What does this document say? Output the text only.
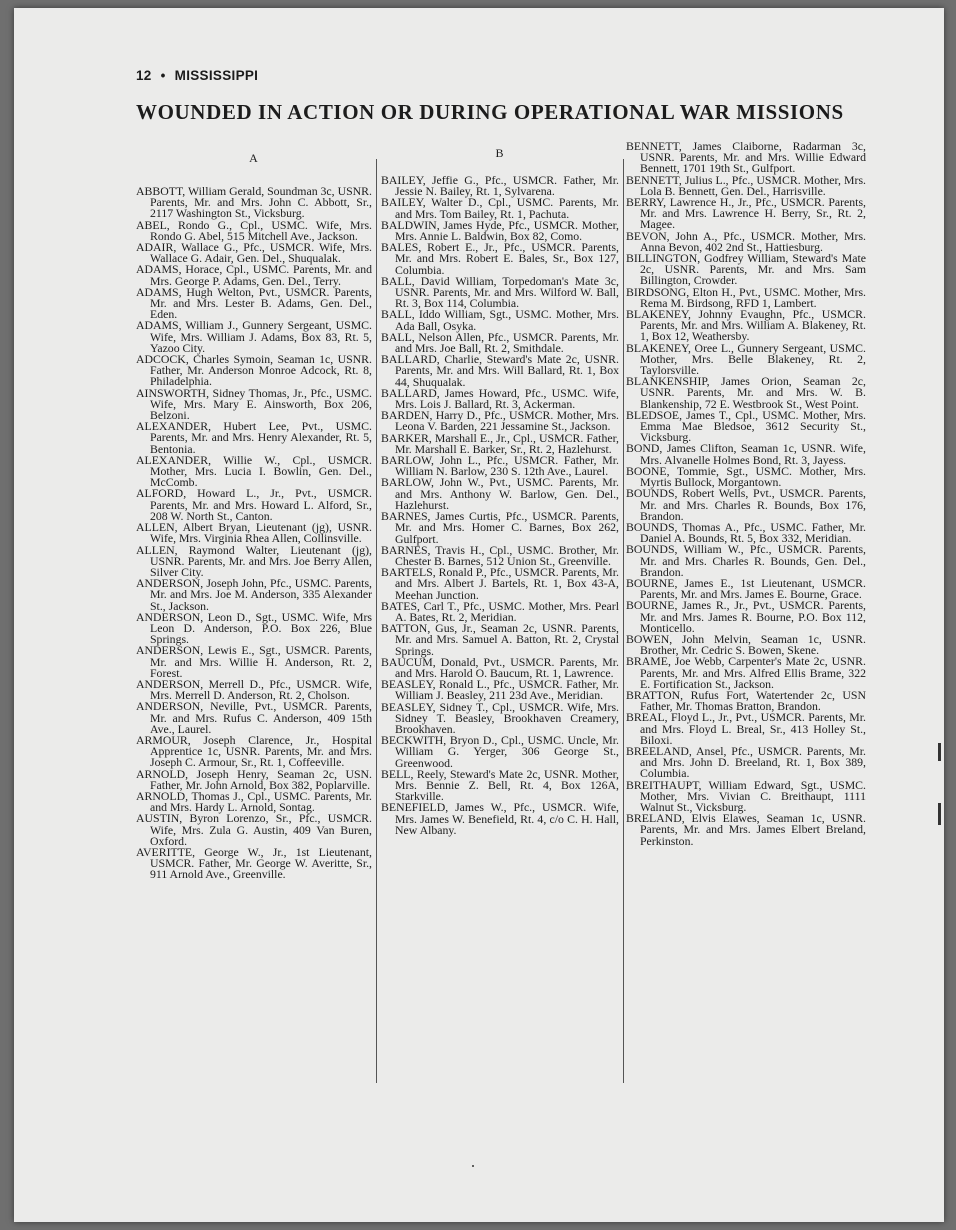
12 • MISSISSIPPI
WOUNDED IN ACTION OR DURING OPERATIONAL WAR MISSIONS
A

ABBOTT, William Gerald, Soundman 3c, USNR. Parents, Mr. and Mrs. John C. Abbott, Sr., 2117 Washington St., Vicksburg.

ABEL, Rondo G., Cpl., USMC. Wife, Mrs. Rondo G. Abel, 515 Mitchell Ave., Jackson.

ADAIR, Wallace G., Pfc., USMCR. Wife, Mrs. Wallace G. Adair, Gen. Del., Shuqualak.

ADAMS, Horace, Cpl., USMC. Parents, Mr. and Mrs. George P. Adams, Gen. Del., Terry.

ADAMS, Hugh Welton, Pvt., USMCR. Parents, Mr. and Mrs. Lester B. Adams, Gen. Del., Eden.

ADAMS, William J., Gunnery Sergeant, USMC. Wife, Mrs. William J. Adams, Box 83, Rt. 5, Yazoo City.

ADCOCK, Charles Symoin, Seaman 1c, USNR. Father, Mr. Anderson Monroe Adcock, Rt. 8, Philadelphia.

AINSWORTH, Sidney Thomas, Jr., Pfc., USMC. Wife, Mrs. Mary E. Ainsworth, Box 206, Belzoni.

ALEXANDER, Hubert Lee, Pvt., USMC. Parents, Mr. and Mrs. Henry Alexander, Rt. 5, Bentonia.

ALEXANDER, Willie W., Cpl., USMCR. Mother, Mrs. Lucia I. Bowlin, Gen. Del., McComb.

ALFORD, Howard L., Jr., Pvt., USMCR. Parents, Mr. and Mrs. Howard L. Alford, Sr., 208 W. North St., Canton.

ALLEN, Albert Bryan, Lieutenant (jg), USNR. Wife, Mrs. Virginia Rhea Allen, Collinsville.

ALLEN, Raymond Walter, Lieutenant (jg), USNR. Parents, Mr. and Mrs. Joe Berry Allen, Silver City.

ANDERSON, Joseph John, Pfc., USMC. Parents, Mr. and Mrs. Joe M. Anderson, 335 Alexander St., Jackson.

ANDERSON, Leon D., Sgt., USMC. Wife, Mrs Leon D. Anderson, P.O. Box 226, Blue Springs.

ANDERSON, Lewis E., Sgt., USMCR. Parents, Mr. and Mrs. Willie H. Anderson, Rt. 2, Forest.

ANDERSON, Merrell D., Pfc., USMCR. Wife, Mrs. Merrell D. Anderson, Rt. 2, Cholson.

ANDERSON, Neville, Pvt., USMCR. Parents, Mr. and Mrs. Rufus C. Anderson, 409 15th Ave., Laurel.

ARMOUR, Joseph Clarence, Jr., Hospital Apprentice 1c, USNR. Parents, Mr. and Mrs. Joseph C. Armour, Sr., Rt. 1, Coffeeville.

ARNOLD, Joseph Henry, Seaman 2c, USN. Father, Mr. John Arnold, Box 382, Poplarville.

ARNOLD, Thomas J., Cpl., USMC. Parents, Mr. and Mrs. Hardy L. Arnold, Sontag.

AUSTIN, Byron Lorenzo, Sr., Pfc., USMCR. Wife, Mrs. Zula G. Austin, 409 Van Buren, Oxford.

AVERITTE, George W., Jr., 1st Lieutenant, USMCR. Father, Mr. George W. Averitte, Sr., 911 Arnold Ave., Greenville.

B

BAILEY, Jeffie G., Pfc., USMCR. Father, Mr. Jessie N. Bailey, Rt. 1, Sylvarena.

BAILEY, Walter D., Cpl., USMC. Parents, Mr. and Mrs. Tom Bailey, Rt. 1, Pachuta.

BALDWIN, James Hyde, Pfc., USMCR. Mother, Mrs. Annie L. Baldwin, Box 82, Como.

BALES, Robert E., Jr., Pfc., USMCR. Parents, Mr. and Mrs. Robert E. Bales, Sr., Box 127, Columbia.

BALL, David William, Torpedoman's Mate 3c, USNR. Parents, Mr. and Mrs. Wilford W. Ball, Rt. 3, Box 114, Columbia.

BALL, Iddo William, Sgt., USMC. Mother, Mrs. Ada Ball, Osyka.

BALL, Nelson Allen, Pfc., USMCR. Parents, Mr. and Mrs. Joe Ball, Rt. 2, Smithdale.

BALLARD, Charlie, Steward's Mate 2c, USNR. Parents, Mr. and Mrs. Will Ballard, Rt. 1, Box 44, Shuqualak.

BALLARD, James Howard, Pfc., USMC. Wife, Mrs. Lois J. Ballard, Rt. 3, Ackerman.

BARDEN, Harry D., Pfc., USMCR. Mother, Mrs. Leona V. Barden, 221 Jessamine St., Jackson.

BARKER, Marshall E., Jr., Cpl., USMCR. Father, Mr. Marshall E. Barker, Sr., Rt. 2, Hazlehurst.

BARLOW, John L., Pfc., USMCR. Father, Mr. William N. Barlow, 230 S. 12th Ave., Laurel.

BARLOW, John W., Pvt., USMC. Parents, Mr. and Mrs. Anthony W. Barlow, Gen. Del., Hazlehurst.

BARNES, James Curtis, Pfc., USMCR. Parents, Mr. and Mrs. Homer C. Barnes, Box 262, Gulfport.

BARNES, Travis H., Cpl., USMC. Brother, Mr. Chester B. Barnes, 512 Union St., Greenville.

BARTELS, Ronald P., Pfc., USMCR. Parents, Mr. and Mrs. Albert J. Bartels, Rt. 1, Box 43-A, Meehan Junction.

BATES, Carl T., Pfc., USMC. Mother, Mrs. Pearl A. Bates, Rt. 2, Meridian.

BATTON, Gus, Jr., Seaman 2c, USNR. Parents, Mr. and Mrs. Samuel A. Batton, Rt. 2, Crystal Springs.

BAUCUM, Donald, Pvt., USMCR. Parents, Mr. and Mrs. Harold O. Baucum, Rt. 1, Lawrence.

BEASLEY, Ronald L., Pfc., USMCR. Father, Mr. William J. Beasley, 211 23d Ave., Meridian.

BEASLEY, Sidney T., Cpl., USMCR. Wife, Mrs. Sidney T. Beasley, Brookhaven Creamery, Brookhaven.

BECKWITH, Bryon D., Cpl., USMC. Uncle, Mr. William G. Yerger, 306 George St., Greenwood.

BELL, Reely, Steward's Mate 2c, USNR. Mother, Mrs. Bennie Z. Bell, Rt. 4, Box 126A, Starkville.

BENEFIELD, James W., Pfc., USMCR. Wife, Mrs. James W. Benefield, Rt. 4, c/o C. H. Hall, New Albany.

BENNETT, James Claiborne, Radarman 3c, USNR. Parents, Mr. and Mrs. Willie Edward Bennett, 1701 19th St., Gulfport.

BENNETT, Julius L., Pfc., USMCR. Mother, Mrs. Lola B. Bennett, Gen. Del., Harrisville.

BERRY, Lawrence H., Jr., Pfc., USMCR. Parents, Mr. and Mrs. Lawrence H. Berry, Sr., Rt. 2, Magee.

BEVON, John A., Pfc., USMCR. Mother, Mrs. Anna Bevon, 402 2nd St., Hattiesburg.

BILLINGTON, Godfrey William, Steward's Mate 2c, USNR. Parents, Mr. and Mrs. Sam Billington, Crowder.

BIRDSONG, Elton H., Pvt., USMC. Mother, Mrs. Rema M. Birdsong, RFD 1, Lambert.

BLAKENEY, Johnny Evaughn, Pfc., USMCR. Parents, Mr. and Mrs. William A. Blakeney, Rt. 1, Box 12, Weathersby.

BLAKENEY, Oree L., Gunnery Sergeant, USMC. Mother, Mrs. Belle Blakeney, Rt. 2, Taylorsville.

BLANKENSHIP, James Orion, Seaman 2c, USNR. Parents, Mr. and Mrs. W. B. Blankenship, 72 E. Westbrook St., West Point.

BLEDSOE, James T., Cpl., USMC. Mother, Mrs. Emma Mae Bledsoe, 3612 Security St., Vicksburg.

BOND, James Clifton, Seaman 1c, USNR. Wife, Mrs. Alvanelle Holmes Bond, Rt. 3, Jayess.

BOONE, Tommie, Sgt., USMC. Mother, Mrs. Myrtis Bullock, Morgantown.

BOUNDS, Robert Wells, Pvt., USMCR. Parents, Mr. and Mrs. Charles R. Bounds, Box 176, Brandon.

BOUNDS, Thomas A., Pfc., USMC. Father, Mr. Daniel A. Bounds, Rt. 5, Box 332, Meridian.

BOUNDS, William W., Pfc., USMCR. Parents, Mr. and Mrs. Charles R. Bounds, Gen. Del., Brandon.

BOURNE, James E., 1st Lieutenant, USMCR. Parents, Mr. and Mrs. James E. Bourne, Grace.

BOURNE, James R., Jr., Pvt., USMCR. Parents, Mr. and Mrs. James R. Bourne, P.O. Box 112, Monticello.

BOWEN, John Melvin, Seaman 1c, USNR. Brother, Mr. Cedric S. Bowen, Skene.

BRAME, Joe Webb, Carpenter's Mate 2c, USNR. Parents, Mr. and Mrs. Alfred Ellis Brame, 322 E. Fortification St., Jackson.

BRATTON, Rufus Fort, Watertender 2c, USN Father, Mr. Thomas Bratton, Brandon.

BREAL, Floyd L., Jr., Pvt., USMCR. Parents, Mr. and Mrs. Floyd L. Breal, Sr., 413 Holley St., Biloxi.

BREELAND, Ansel, Pfc., USMCR. Parents, Mr. and Mrs. John D. Breeland, Rt. 1, Box 389, Columbia.

BREITHAUPT, William Edward, Sgt., USMC. Mother, Mrs. Vivian C. Breithaupt, 1111 Walnut St., Vicksburg.

BRELAND, Elvis Elawes, Seaman 1c, USNR. Parents, Mr. and Mrs. James Elbert Breland, Perkinston.
